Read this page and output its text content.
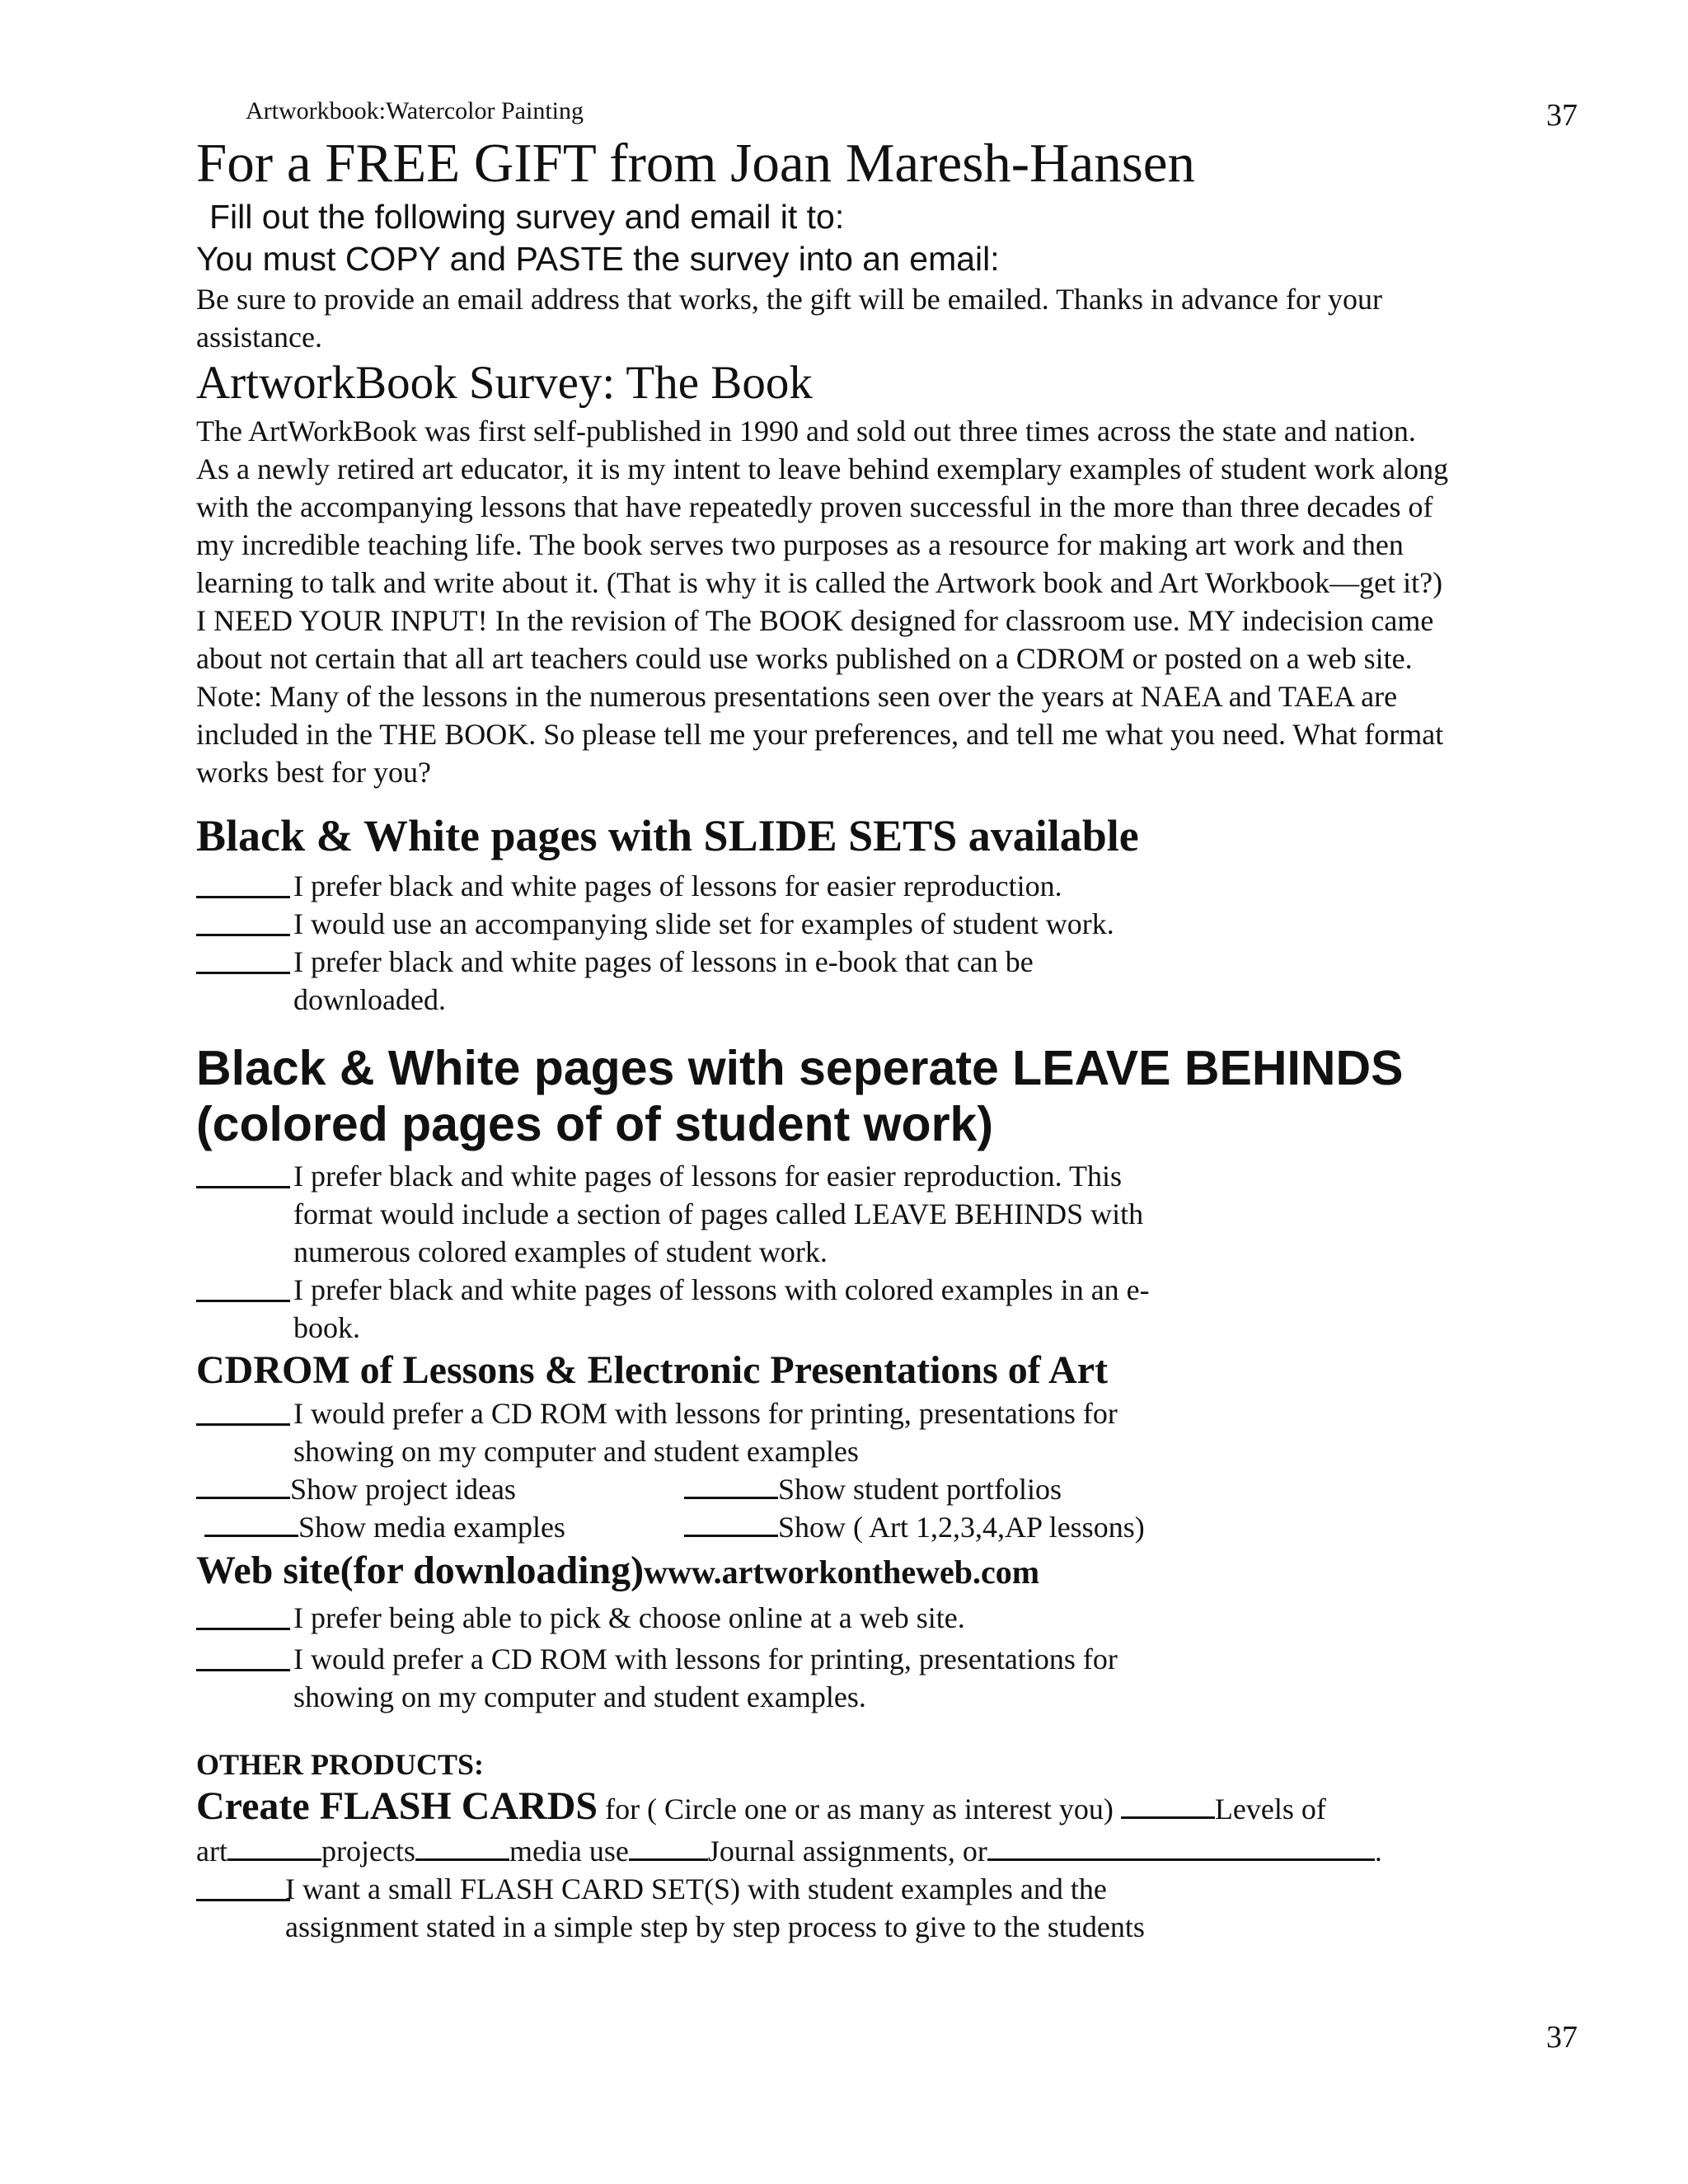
Artworkbook:Watercolor Painting	37
For a FREE GIFT from Joan Maresh-Hansen
Fill out the following survey and email it to:
You must COPY and PASTE the survey into an email:
Be sure to provide an email address that works, the gift will be emailed. Thanks in advance for your
assistance.
ArtworkBook Survey: The Book
The ArtWorkBook was first self-published in 1990 and sold out three times across the state and nation.
As a newly retired art educator, it is my intent to leave behind exemplary examples of student work along
with the accompanying lessons that have repeatedly proven successful in the more than three decades of
my incredible teaching life. The book serves two purposes as a resource for making art work and then
learning to talk and write about it. (That is why it is called the Artwork book and Art Workbook—get it?)
I NEED YOUR INPUT! In the revision of The BOOK designed for classroom use. MY indecision came
about not certain that all art teachers could use works published on a CDROM or posted on a web site.
Note: Many of the lessons in the numerous presentations seen over the years at NAEA and TAEA are
included in the THE BOOK. So please tell me your preferences, and tell me what you need. What format
works best for you?
Black & White pages with SLIDE SETS available

I prefer black and white pages of lessons for easier reproduction.

I would use an accompanying slide set for examples of student work.

I prefer black and white pages of lessons in e-book that can be
downloaded.
Black & White pages with seperate LEAVE BEHINDS
(colored pages of of student work)

I prefer black and white pages of lessons for easier reproduction. This
format would include a section of pages called LEAVE BEHINDS with
numerous colored examples of student work.

I prefer black and white pages of lessons with colored examples in an e-
book.
CDROM of Lessons & Electronic Presentations of Art

I would prefer a CD ROM with lessons for printing, presentations for
showing on my computer and student examples
Show project ideas	Show student portfolios
Show media examples	Show ( Art 1,2,3,4,AP lessons)
Web site(for downloading)www.artworkontheweb.com

I prefer being able to pick & choose online at a web site.

I would prefer a CD ROM with lessons for printing, presentations for
showing on my computer and student examples.
OTHER PRODUCTS:
Create FLASH CARDS for ( Circle one or as many as interest you)	Levels of
art	projects	media use	Journal assignments, or	.

I want a small FLASH CARD SET(S) with student examples and the
assignment stated in a simple step by step process to give to the students
37
